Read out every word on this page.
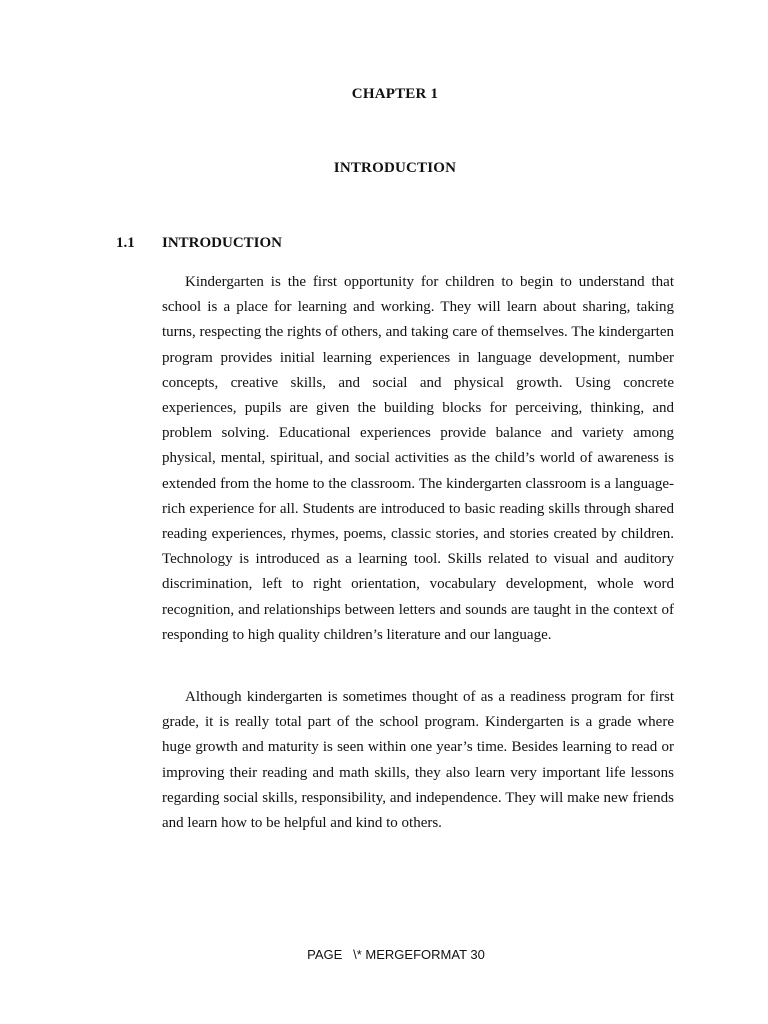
CHAPTER 1
INTRODUCTION
1.1 INTRODUCTION

Kindergarten is the first opportunity for children to begin to understand that school is a place for learning and working. They will learn about sharing, taking turns, respecting the rights of others, and taking care of themselves. The kindergarten program provides initial learning experiences in language development, number concepts, creative skills, and social and physical growth. Using concrete experiences, pupils are given the building blocks for perceiving, thinking, and problem solving. Educational experiences provide balance and variety among physical, mental, spiritual, and social activities as the child’s world of awareness is extended from the home to the classroom. The kindergarten classroom is a language-rich experience for all. Students are introduced to basic reading skills through shared reading experiences, rhymes, poems, classic stories, and stories created by children. Technology is introduced as a learning tool. Skills related to visual and auditory discrimination, left to right orientation, vocabulary development, whole word recognition, and relationships between letters and sounds are taught in the context of responding to high quality children’s literature and our language.

Although kindergarten is sometimes thought of as a readiness program for first grade, it is really total part of the school program. Kindergarten is a grade where huge growth and maturity is seen within one year’s time. Besides learning to read or improving their reading and math skills, they also learn very important life lessons regarding social skills, responsibility, and independence. They will make new friends and learn how to be helpful and kind to others.

PAGE   \* MERGEFORMAT 30
